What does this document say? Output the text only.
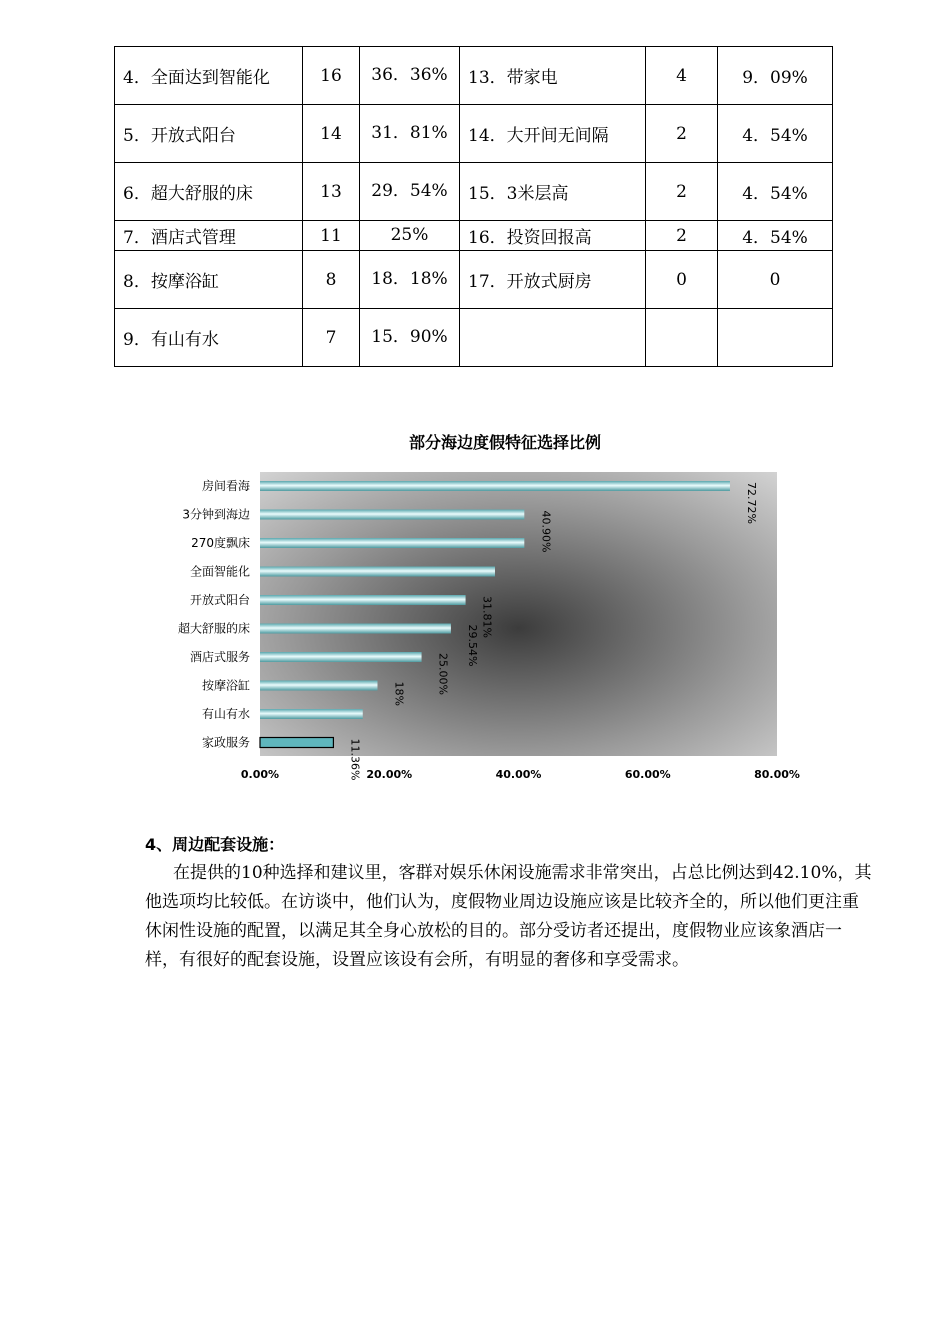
4．全面达到智能化	16	36．36%	13．带家电	4	9．09%
5．开放式阳台	14	31．81%	14．大开间无间隔	2	4．54%
6．超大舒服的床	13	29．54%	15．3米层高	2	4．54%
7．酒店式管理	11	25%	16．投资回报高	2	4．54%
8．按摩浴缸	8	18．18%	17．开放式厨房	0	0
9．有山有水	7	15．90%			
部分海边度假特征选择比例
房间看海
3分钟到海边
270度飘床
全面智能化
开放式阳台
超大舒服的床
酒店式服务
按摩浴缸
有山有水
家政服务
72.72%
40.90%
31.81%
29.54%
25.00%
18%
11.36%
0.00%	20.00%	40.00%	60.00%	80.00%

4、周边配套设施：

在提供的10种选择和建议里，客群对娱乐休闲设施需求非常突出，占总比例达到42.10%，其他选项均比较低。在访谈中，他们认为，度假物业周边设施应该是比较齐全的，所以他们更注重休闲性设施的配置，以满足其全身心放松的目的。部分受访者还提出，度假物业应该象酒店一样，有很好的配套设施，设置应该设有会所，有明显的奢侈和享受需求。
